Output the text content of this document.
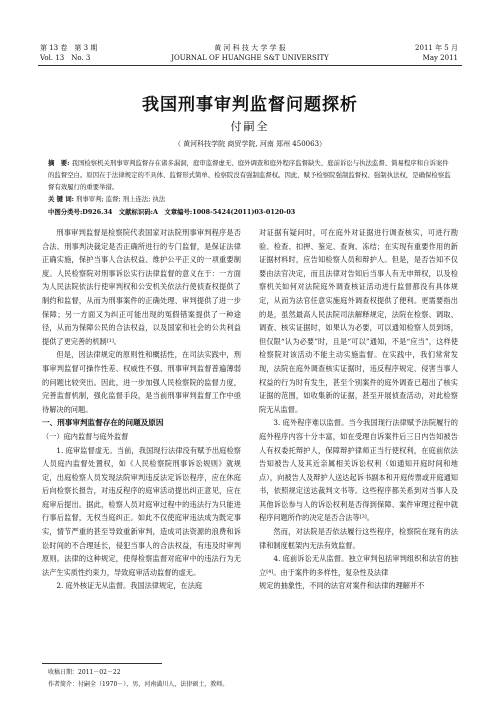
第 13 卷　第 3 期
Vol. 13　No. 3
黄 河 科 技 大 学 学 报
JOURNAL OF HUANGHE S&T UNIVERSITY
2011 年 5 月
May 2011
我国刑事审判监督问题探析
付嗣全
（ 黄河科技学院 商贸学院, 河南 郑州 450063）
摘　要: 我国检察机关刑事审判监督存在诸多漏洞，庭审监督虚无、庭外调查和庭外程序监督缺失、庭前诉讼与执法监督、简易程序和自诉案件的监督空白。原因在于法律规定的不具体、监督形式简单、检察院没有强制监督权。因此，赋予检察院强制监督权、强制执法权，是确保检察监督有效履行的重要举措。
关 键 词: 刑事审判; 监督; 刑上连法; 执法
中图分类号:D926.34　文献标识码:A　文章编号:1008-5424(2011)03-0120-03

刑事审判监督是检察院代表国家对法院刑事审判程序是否合法、刑事判决裁定是否正确所进行的专门监督，是保证法律正确实施，保护当事人合法权益、维护公平正义的一项重要制度。人民检察院对刑事诉讼实行法律监督的意义在于：一方面为人民法院依法行使审判权和公安机关依法行使侦查权提供了制约和监督，从而为刑事案件的正确处理、审判提供了进一步保障；另一方面又为纠正可能出现的冤假错案提供了一种途径，从而为保障公民的合法权益，以及国家和社会的公共利益提供了更完善的机制[1]。

但是，因法律规定的原则性和概括性，在司法实践中，刑事审判监督可操作性差、权威性不强、刑事审判监督普遍薄弱的问题比较突出。因此，进一步加强人民检察院的监督力度，完善监督机制，强化监督手段，是当前刑事审判监督工作中亟待解决的问题。

一、刑事审判监督存在的问题及原因

（一）庭内监督与庭外监督

1. 庭审监督虚无。当前，我国现行法律没有赋予出庭检察人员庭内监督处置权，如《人民检察院刑事诉讼规则》就规定，出庭检察人员发现法院审判违反法定诉讼程序，应在休庭后向检察长报告，对违反程序的庭审活动提出纠正意见，应在庭审后提出。据此，检察人员对庭审过程中的违法行为只能进行事后监督，无权当庭纠正。如此不仅使庭审违法成为既定事实，情节严重的甚至导致重新审判，造成司法资源的浪费和诉讼时间的不合理延长，侵犯当事人的合法权益，有违及时审判原则。法律的这种规定，使得检察监督对庭审中的违法行为无法产生实质性约束力，导致庭审活动监督的虚无。

2. 庭外核证无从监督。我国法律规定，在法庭

对证据有疑问时，可在庭外对证据进行调查核实，可进行勘验、检查、扣押、鉴定、查询、冻结；在实现有重要作用的新证据材料时，应告知检察人员和辩护人。但是，是否告知不仅要由法官决定，而且法律对告知后当事人有无申辩权，以及检察机关如何对法院庭外调查核证活动进行监督都没有具体规定，从而为法官任意实施庭外调查权提供了便利。更需要指出的是，虽然最高人民法院司法解释规定，法院在检察、调取、调查、核实证据时，如果认为必要，可以通知检察人员到场，但仅限“认为必要”时，且是“可以”通知，不是“应当”，这样使检察院对该活动不能主动实施监督。在实践中，我们常常发现，法院在庭外调查核实证据时，违反程序规定、侵害当事人权益的行为时有发生，甚至个别案件的庭外调查已超出了核实证据的范围，如收集新的证据，甚至开展侦查活动，对此检察院无从监督。

3. 庭外程序难以监督。当今我国现行法律赋予法院履行的庭外程序内容十分丰富，如在受理自诉案件后三日内告知被告人有权委托辩护人，保障辩护律师正当行使权利，在庭前依法告知被告人及其近亲属相关诉讼权利（如通知开庭时间和地点），向被告人及辩护人送达起诉书副本和开庭传票或开庭通知书，依照规定送达裁判文书等。这些程序都关系到对当事人及其他诉讼参与人的诉讼权利是否得到保障、案件审理过程中就程序问题所作的决定是否合法等[3]。

然而，对法院是否依法履行这些程序，检察院在现有的法律和制度框架内无法有效监督。

4. 庭前诉讼无从监督。独立审判包括审判组织和法官的独立[4]。由于案件的多样性，复杂性及法律

规定的抽象性，不同的法官对案件和法律的理解并不

收稿日期：2011－02－22
作者简介：付嗣全（1970－），男，河南潢川人，法律硕士，教师。
